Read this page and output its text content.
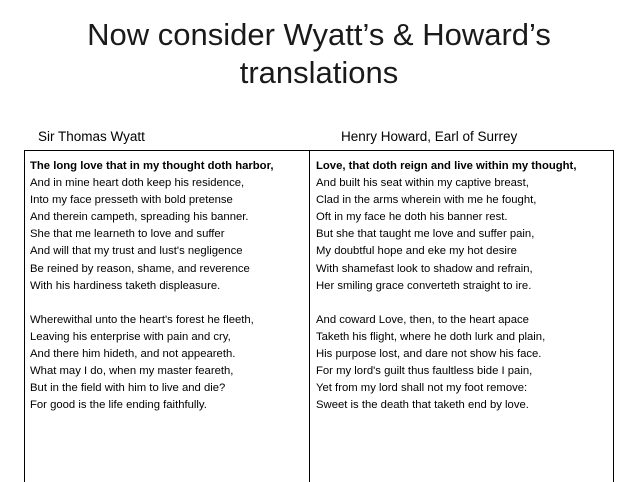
Now consider Wyatt’s & Howard’s
translations
Sir Thomas Wyatt	Henry Howard, Earl of Surrey
The long love that in my thought doth harbor,
And in mine heart doth keep his residence,
Into my face presseth with bold pretense
And therein campeth, spreading his banner.
She that me learneth to love and suffer
And will that my trust and lust's negligence
Be reined by reason, shame, and reverence
With his hardiness taketh displeasure.
Wherewithal unto the heart's forest he fleeth,
Leaving his enterprise with pain and cry,
And there him hideth, and not appeareth.
What may I do, when my master feareth,
But in the field with him to live and die?
For good is the life ending faithfully.
Love, that doth reign and live within my thought,
And built his seat within my captive breast,
Clad in the arms wherein with me he fought,
Oft in my face he doth his banner rest.
But she that taught me love and suffer pain,
My doubtful hope and eke my hot desire
With shamefast look to shadow and refrain,
Her smiling grace converteth straight to ire.
And coward Love, then, to the heart apace
Taketh his flight, where he doth lurk and plain,
His purpose lost, and dare not show his face.
For my lord's guilt thus faultless bide I pain,
Yet from my lord shall not my foot remove:
Sweet is the death that taketh end by love.
